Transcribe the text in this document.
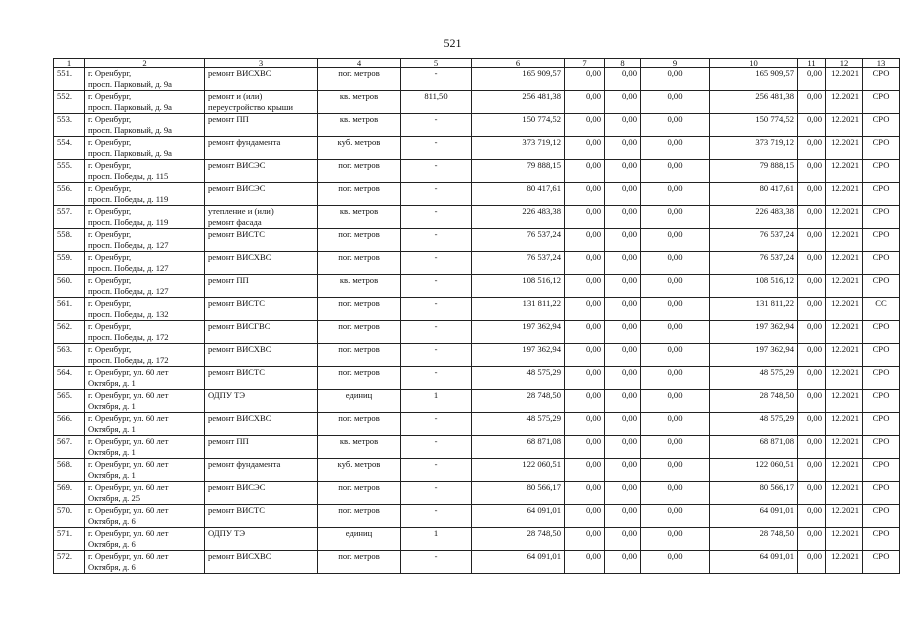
521
1	2	3	4	5	6	7	8	9	10	11	12	13
551.	г. Оренбург,
просп. Парковый, д. 9а	ремонт ВИСХВС	пог. метров	-	165 909,57	0,00	0,00	0,00	165 909,57	0,00	12.2021	СРО
552.	г. Оренбург,
просп. Парковый, д. 9а	ремонт и (или)
переустройство крыши	кв. метров	811,50	256 481,38	0,00	0,00	0,00	256 481,38	0,00	12.2021	СРО
553.	г. Оренбург,
просп. Парковый, д. 9а	ремонт ПП	кв. метров	-	150 774,52	0,00	0,00	0,00	150 774,52	0,00	12.2021	СРО
554.	г. Оренбург,
просп. Парковый, д. 9а	ремонт фундамента	куб. метров	-	373 719,12	0,00	0,00	0,00	373 719,12	0,00	12.2021	СРО
555.	г. Оренбург,
просп. Победы, д. 115	ремонт ВИСЭС	пог. метров	-	79 888,15	0,00	0,00	0,00	79 888,15	0,00	12.2021	СРО
556.	г. Оренбург,
просп. Победы, д. 119	ремонт ВИСЭС	пог. метров	-	80 417,61	0,00	0,00	0,00	80 417,61	0,00	12.2021	СРО
557.	г. Оренбург,
просп. Победы, д. 119	утепление и (или)
ремонт фасада	кв. метров	-	226 483,38	0,00	0,00	0,00	226 483,38	0,00	12.2021	СРО
558.	г. Оренбург,
просп. Победы, д. 127	ремонт ВИСТС	пог. метров	-	76 537,24	0,00	0,00	0,00	76 537,24	0,00	12.2021	СРО
559.	г. Оренбург,
просп. Победы, д. 127	ремонт ВИСХВС	пог. метров	-	76 537,24	0,00	0,00	0,00	76 537,24	0,00	12.2021	СРО
560.	г. Оренбург,
просп. Победы, д. 127	ремонт ПП	кв. метров	-	108 516,12	0,00	0,00	0,00	108 516,12	0,00	12.2021	СРО
561.	г. Оренбург,
просп. Победы, д. 132	ремонт ВИСТС	пог. метров	-	131 811,22	0,00	0,00	0,00	131 811,22	0,00	12.2021	СС
562.	г. Оренбург,
просп. Победы, д. 172	ремонт ВИСГВС	пог. метров	-	197 362,94	0,00	0,00	0,00	197 362,94	0,00	12.2021	СРО
563.	г. Оренбург,
просп. Победы, д. 172	ремонт ВИСХВС	пог. метров	-	197 362,94	0,00	0,00	0,00	197 362,94	0,00	12.2021	СРО
564.	г. Оренбург, ул. 60 лет
Октября, д. 1	ремонт ВИСТС	пог. метров	-	48 575,29	0,00	0,00	0,00	48 575,29	0,00	12.2021	СРО
565.	г. Оренбург, ул. 60 лет
Октября, д. 1	ОДПУ ТЭ	единиц	1	28 748,50	0,00	0,00	0,00	28 748,50	0,00	12.2021	СРО
566.	г. Оренбург, ул. 60 лет
Октября, д. 1	ремонт ВИСХВС	пог. метров	-	48 575,29	0,00	0,00	0,00	48 575,29	0,00	12.2021	СРО
567.	г. Оренбург, ул. 60 лет
Октября, д. 1	ремонт ПП	кв. метров	-	68 871,08	0,00	0,00	0,00	68 871,08	0,00	12.2021	СРО
568.	г. Оренбург, ул. 60 лет
Октября, д. 1	ремонт фундамента	куб. метров	-	122 060,51	0,00	0,00	0,00	122 060,51	0,00	12.2021	СРО
569.	г. Оренбург, ул. 60 лет
Октября, д. 25	ремонт ВИСЭС	пог. метров	-	80 566,17	0,00	0,00	0,00	80 566,17	0,00	12.2021	СРО
570.	г. Оренбург, ул. 60 лет
Октября, д. 6	ремонт ВИСТС	пог. метров	-	64 091,01	0,00	0,00	0,00	64 091,01	0,00	12.2021	СРО
571.	г. Оренбург, ул. 60 лет
Октября, д. 6	ОДПУ ТЭ	единиц	1	28 748,50	0,00	0,00	0,00	28 748,50	0,00	12.2021	СРО
572.	г. Оренбург, ул. 60 лет
Октября, д. 6	ремонт ВИСХВС	пог. метров	-	64 091,01	0,00	0,00	0,00	64 091,01	0,00	12.2021	СРО
